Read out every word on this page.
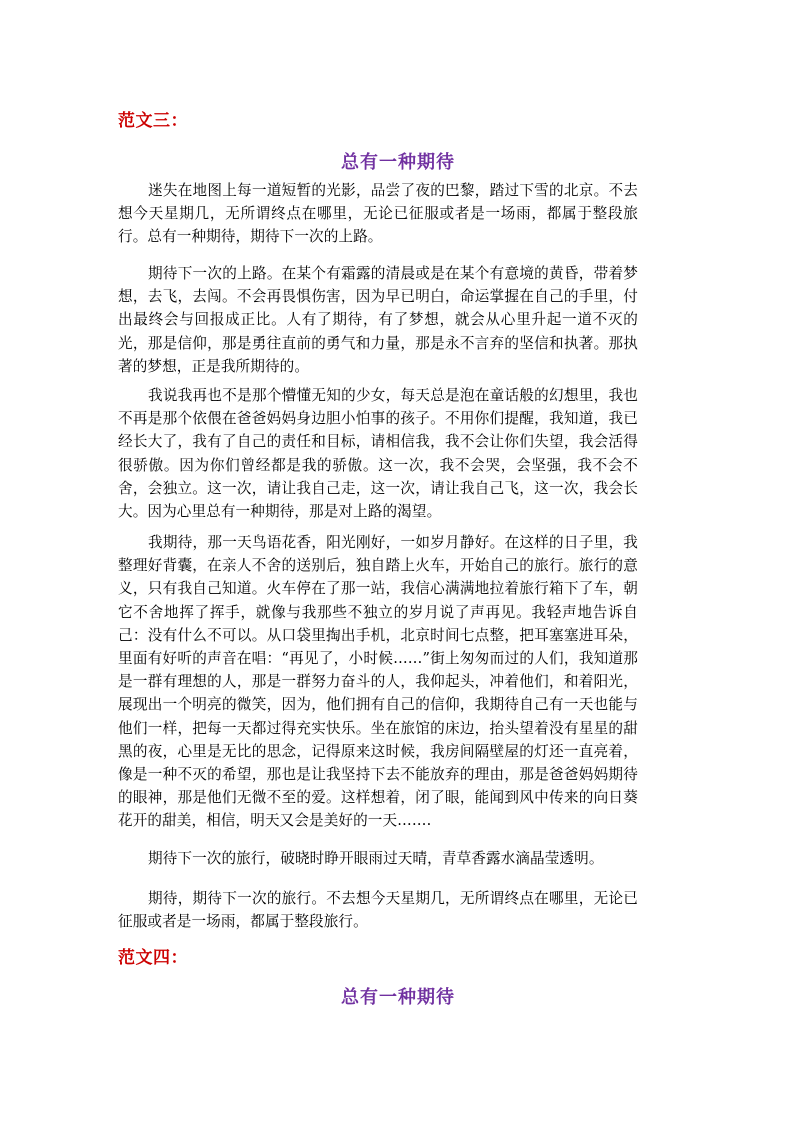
范文三：
总有一种期待

迷失在地图上每一道短暂的光影，品尝了夜的巴黎，踏过下雪的北京。不去想今天星期几，无所谓终点在哪里，无论已征服或者是一场雨，都属于整段旅行。总有一种期待，期待下一次的上路。

期待下一次的上路。在某个有霜露的清晨或是在某个有意境的黄昏，带着梦想，去飞，去闯。不会再畏惧伤害，因为早已明白，命运掌握在自己的手里，付出最终会与回报成正比。人有了期待，有了梦想，就会从心里升起一道不灭的光，那是信仰，那是勇往直前的勇气和力量，那是永不言弃的坚信和执著。那执著的梦想，正是我所期待的。

我说我再也不是那个懵懂无知的少女，每天总是泡在童话般的幻想里，我也不再是那个依偎在爸爸妈妈身边胆小怕事的孩子。不用你们提醒，我知道，我已经长大了，我有了自己的责任和目标，请相信我，我不会让你们失望，我会活得很骄傲。因为你们曾经都是我的骄傲。这一次，我不会哭，会坚强，我不会不舍，会独立。这一次，请让我自己走，这一次，请让我自己飞，这一次，我会长大。因为心里总有一种期待，那是对上路的渴望。

我期待，那一天鸟语花香，阳光刚好，一如岁月静好。在这样的日子里，我整理好背囊，在亲人不舍的送别后，独自踏上火车，开始自己的旅行。旅行的意义，只有我自己知道。火车停在了那一站，我信心满满地拉着旅行箱下了车，朝它不舍地挥了挥手，就像与我那些不独立的岁月说了声再见。我轻声地告诉自己：没有什么不可以。从口袋里掏出手机，北京时间七点整，把耳塞塞进耳朵，里面有好听的声音在唱：“再见了，小时候……”街上匆匆而过的人们，我知道那是一群有理想的人，那是一群努力奋斗的人，我仰起头，冲着他们，和着阳光，展现出一个明亮的微笑，因为，他们拥有自己的信仰，我期待自己有一天也能与他们一样，把每一天都过得充实快乐。坐在旅馆的床边，抬头望着没有星星的甜黑的夜，心里是无比的思念，记得原来这时候，我房间隔壁屋的灯还一直亮着，像是一种不灭的希望，那也是让我坚持下去不能放弃的理由，那是爸爸妈妈期待的眼神，那是他们无微不至的爱。这样想着，闭了眼，能闻到风中传来的向日葵花开的甜美，相信，明天又会是美好的一天…….

期待下一次的旅行，破晓时睁开眼雨过天晴，青草香露水滴晶莹透明。

期待，期待下一次的旅行。不去想今天星期几，无所谓终点在哪里，无论已征服或者是一场雨，都属于整段旅行。

范文四：
总有一种期待
